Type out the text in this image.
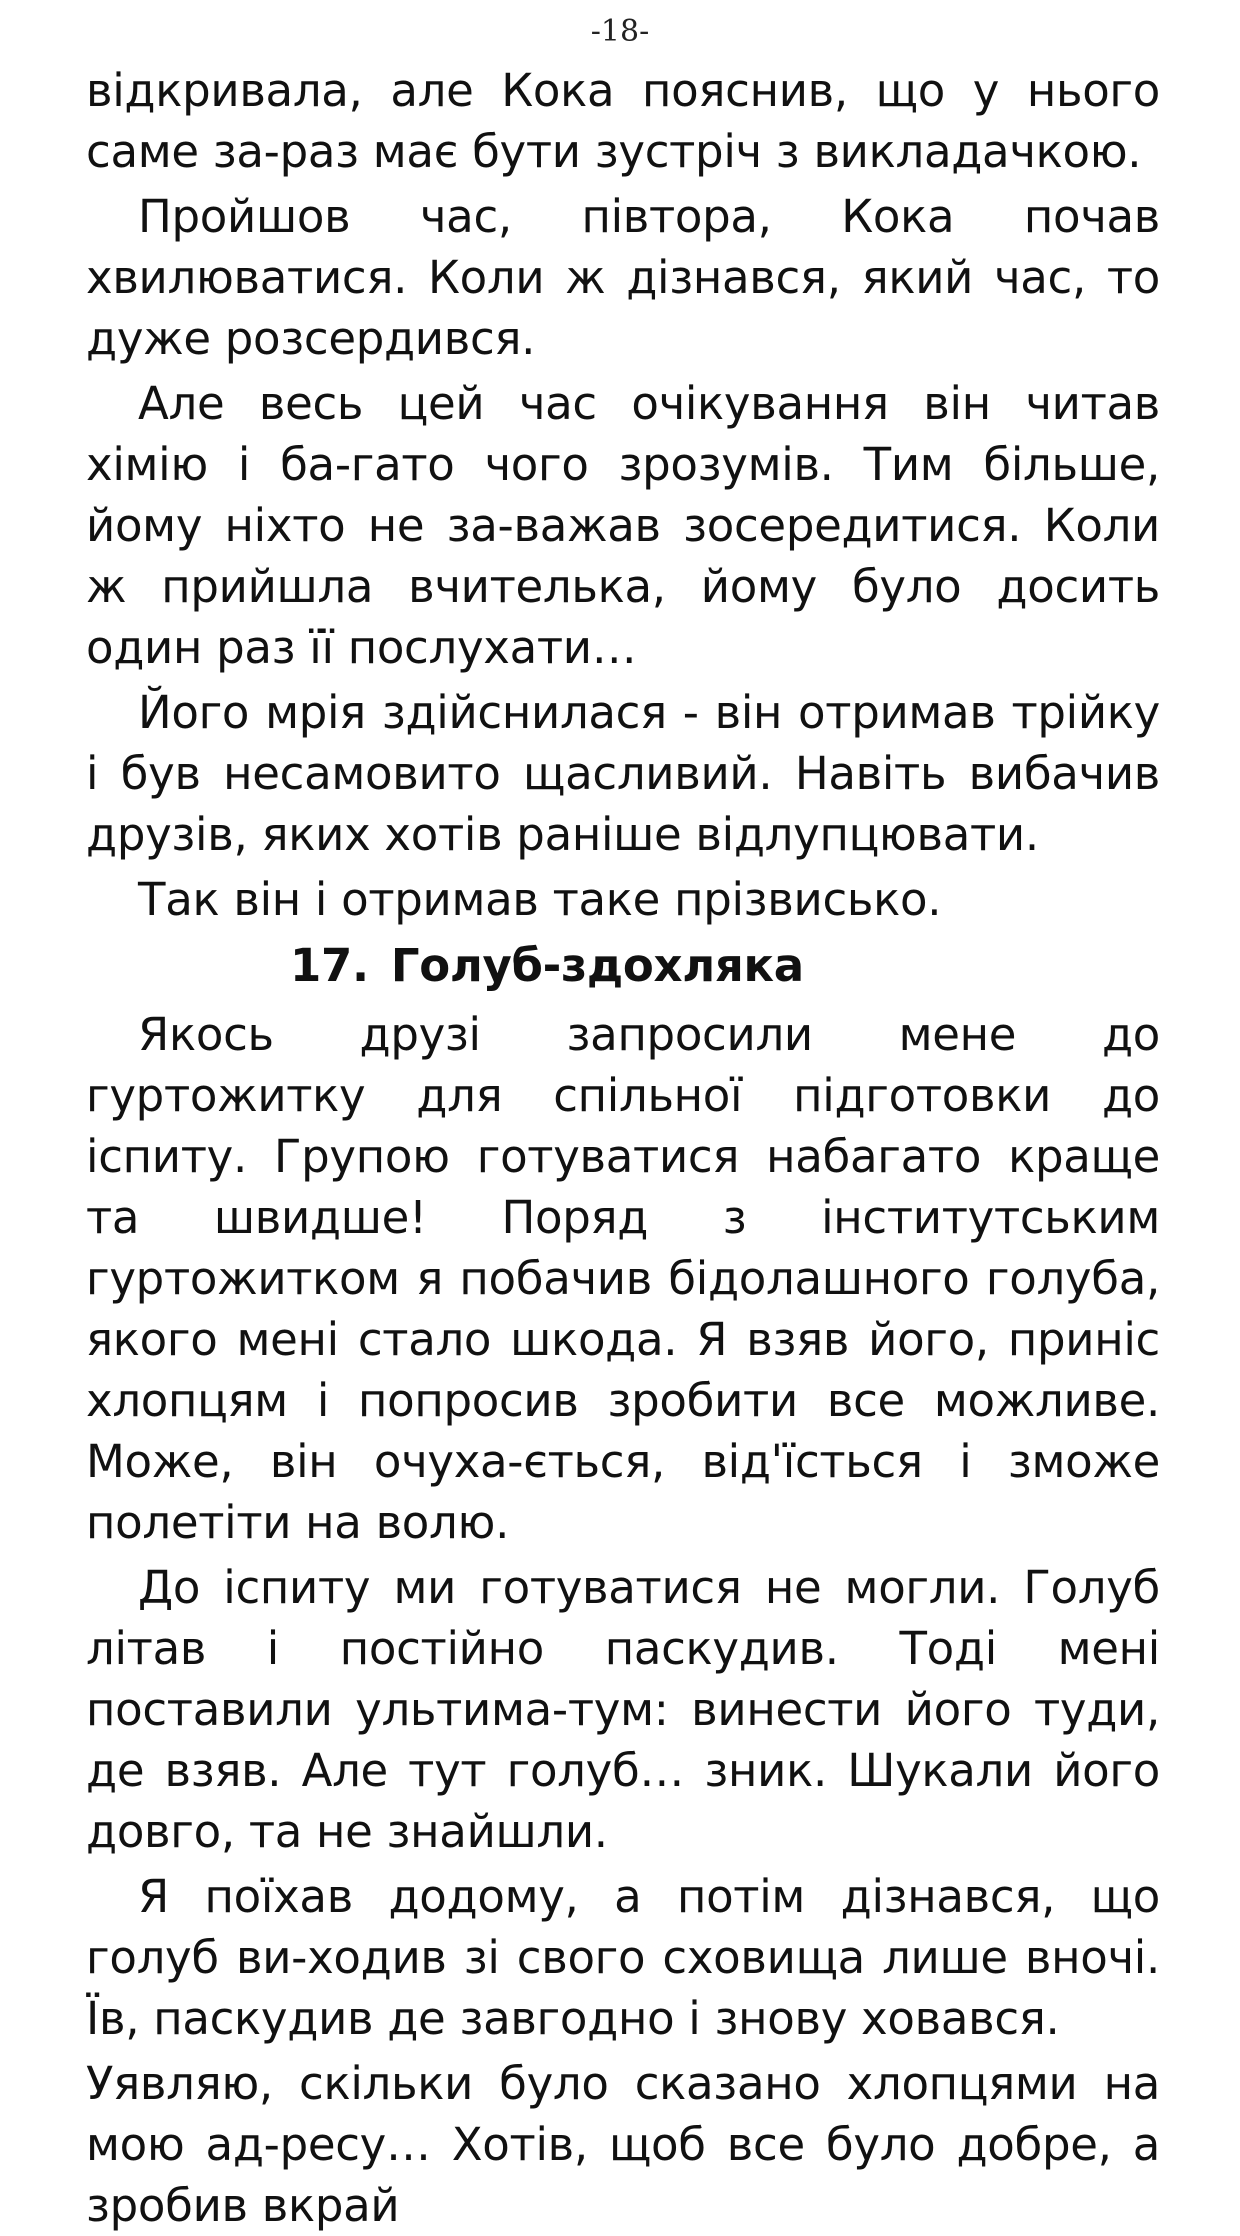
-18-

відкривала, але Кока пояснив, що у нього саме за-раз має бути зустріч з викладачкою.

Пройшов час, півтора, Кока почав хвилюватися. Коли ж дізнався, який час, то дуже розсердився.

Але весь цей час очікування він читав хімію і ба-гато чого зрозумів. Тим більше, йому ніхто не за-важав зосередитися. Коли ж прийшла вчителька, йому було досить один раз її послухати…

Його мрія здійснилася - він отримав трійку і був несамовито щасливий. Навіть вибачив друзів, яких хотів раніше відлупцювати.

Так він і отримав таке прізвисько.

17. Голуб-здохляка

Якось друзі запросили мене до гуртожитку для спільної підготовки до іспиту. Групою готуватися набагато краще та швидше! Поряд з інститутським гуртожитком я побачив бідолашного голуба, якого мені стало шкода. Я взяв його, приніс хлопцям і попросив зробити все можливе. Може, він очуха-ється, від'їсться і зможе полетіти на волю.

До іспиту ми готуватися не могли. Голуб літав і постійно паскудив. Тоді мені поставили ультима-тум: винести його туди, де взяв. Але тут голуб… зник. Шукали його довго, та не знайшли.

Я поїхав додому, а потім дізнався, що голуб ви-ходив зі свого сховища лише вночі. Їв, паскудив де завгодно і знову ховався.

Уявляю, скільки було сказано хлопцями на мою ад-ресу… Хотів, щоб все було добре, а зробив вкрай
